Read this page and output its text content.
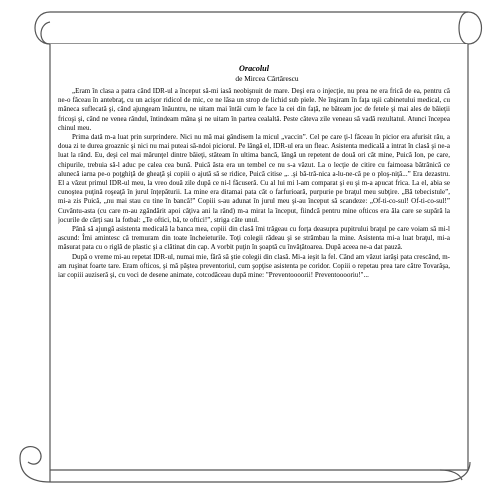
Oracolul

de Mircea Cărtărescu

„Eram în clasa a patra când IDR-ul a început să-mi iasă neobişnuit de mare. Deşi era o injecţie, nu prea ne era frică de ea, pentru că ne-o făceau în antebraţ, cu un acişor ridicol de mic, ce ne lăsa un strop de lichid sub piele. Ne înşiram în faţa uşii cabinetului medical, cu mâneca suflecată şi, când ajungeam înăuntru, ne uitam mai întâi cum le face la cei din faţă, ne băteam joc de fetele şi mai ales de băieţii fricoşi şi, când ne venea rândul, întindeam mâna şi ne uitam în partea cealaltă. Peste câteva zile veneau să vadă rezultatul. Atunci începea chinul meu.

Prima dată m-a luat prin surprindere. Nici nu mă mai gândisem la micul „vaccin”. Cel pe care ţi-l făceau în picior era afurisit rău, a doua zi te durea groaznic şi nici nu mai puteai să-ndoi piciorul. Pe lângă el, IDR-ul era un fleac. Asistenta medicală a intrat în clasă şi ne-a luat la rând. Eu, deşi cel mai mărunţel dintre băieţi, stăteam în ultima bancă, lângă un repetent de două ori cât mine, Puică Ion, pe care, chipurile, trebuia să-l aduc pe calea cea bună. Puică ăsta era un tembel ce nu s-a văzut. La o lecţie de citire cu faimoasa bătrânică ce alunecă iarna pe-o poţghiţă de gheaţă şi copiii o ajută să se ridice, Puică citise „. .şi bă-tră-nica a-lu-ne-că pe o ploş-niţă...” Era dezastru. El a văzut primul IDR-ul meu, la vreo două zile după ce ni-l făcuseră. Cu al lui mi l-am comparat şi eu şi m-a apucat frica. La el, abia se cunoştea puţină roşeaţă în jurul înţepăturii. La mine era ditamai pata cât o farfurioară, purpurie pe braţul meu subţire. „Bă tebecistule”, mi-a zis Puică, „nu mai stau cu tine în bancă!” Copiii s-au adunat în jurul meu şi-au început să scandeze: „Of-ti-co-sul! Of-ti-co-sul!” Cuvântu-asta (cu care m-au zgândărit apoi câţiva ani la rând) m-a mirat la început, fiindcă pentru mine ofticos era ăla care se supără la jocurile de cărţi sau la fotbal: „Te oftici, bă, te oftici!”, striga câte unul.

Până să ajungă asistenta medicală la banca mea, copiii din clasă îmi trăgeau cu forţa deasupra pupitrului braţul pe care voiam să mi-l ascund: Îmi amintesc că tremuram din toate încheieturile. Toţi colegii râdeau şi se strâmbau la mine. Asistenta mi-a luat braţul, mi-a măsurat pata cu o riglă de plastic şi a clătinat din cap. A vorbit puţin în şoaptă cu învăţătoarea. După aceea ne-a dat pauză.

După o vreme mi-au repetat IDR-ul, numai mie, fără să ştie colegii din clasă. Mi-a ieşit la fel. Când am văzut iarăşi pata crescând, m-am ruşinat foarte tare. Eram ofticos, şi mă păştea preventoriul, cum şopţise asistenta pe coridor. Copiii o repetau prea tare către Tovarăşa, iar copiii auziseră şi, cu voci de desene animate, cotcodăceau după mine: "Preventoooorii! Preventooooriu!"...
